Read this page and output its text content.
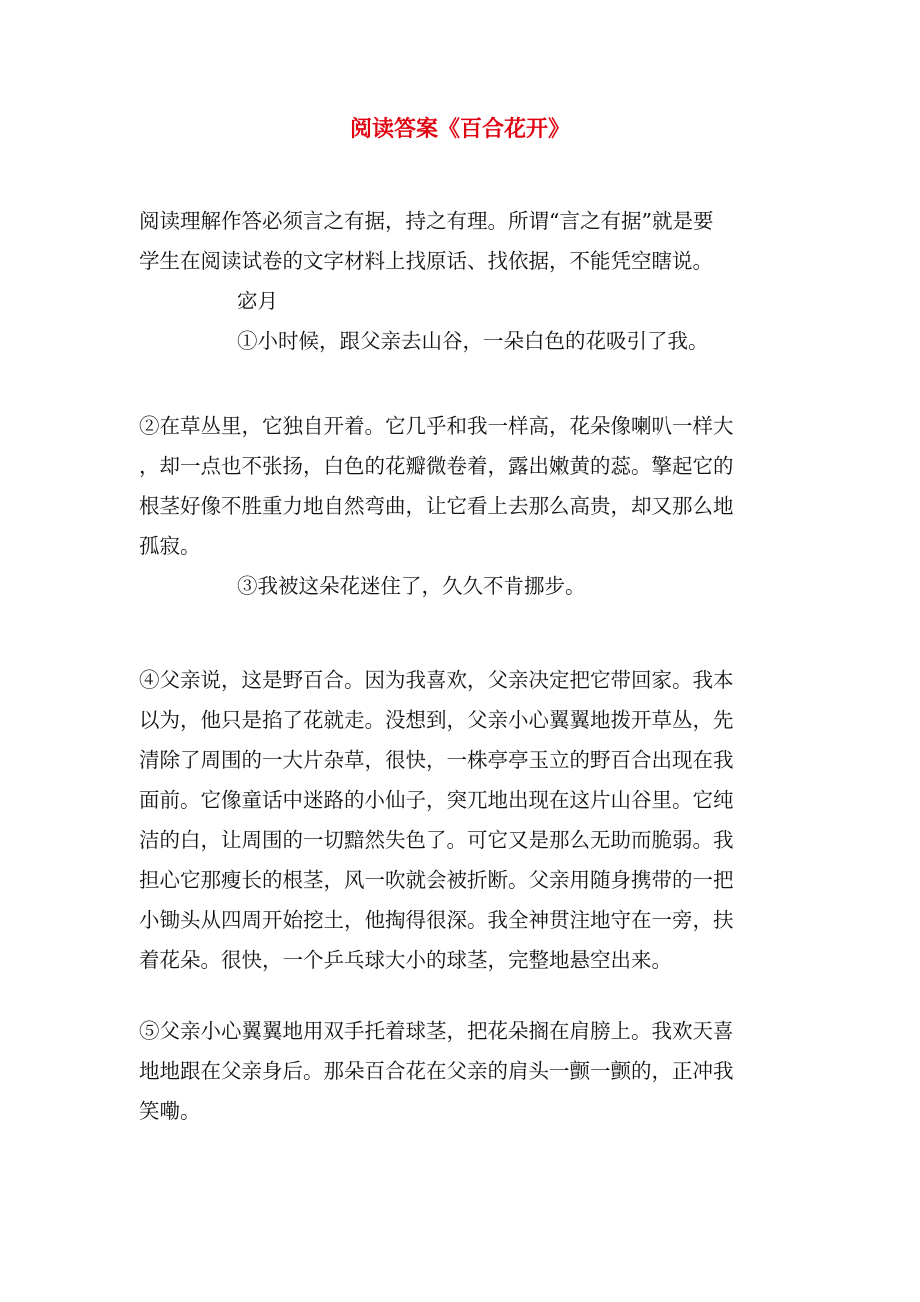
阅读答案《百合花开》

阅读理解作答必须言之有据，持之有理。所谓“言之有据”就是要

学生在阅读试卷的文字材料上找原话、找依据，不能凭空瞎说。

宓月

①小时候，跟父亲去山谷，一朵白色的花吸引了我。

②在草丛里，它独自开着。它几乎和我一样高，花朵像喇叭一样大

，却一点也不张扬，白色的花瓣微卷着，露出嫩黄的蕊。擎起它的

根茎好像不胜重力地自然弯曲，让它看上去那么高贵，却又那么地

孤寂。

③我被这朵花迷住了，久久不肯挪步。

④父亲说，这是野百合。因为我喜欢，父亲决定把它带回家。我本

以为，他只是掐了花就走。没想到，父亲小心翼翼地拨开草丛，先

清除了周围的一大片杂草，很快，一株亭亭玉立的野百合出现在我

面前。它像童话中迷路的小仙子，突兀地出现在这片山谷里。它纯

洁的白，让周围的一切黯然失色了。可它又是那么无助而脆弱。我

担心它那瘦长的根茎，风一吹就会被折断。父亲用随身携带的一把

小锄头从四周开始挖土，他掏得很深。我全神贯注地守在一旁，扶

着花朵。很快，一个乒乓球大小的球茎，完整地悬空出来。

⑤父亲小心翼翼地用双手托着球茎，把花朵搁在肩膀上。我欢天喜

地地跟在父亲身后。那朵百合花在父亲的肩头一颤一颤的，正冲我

笑嘞。
